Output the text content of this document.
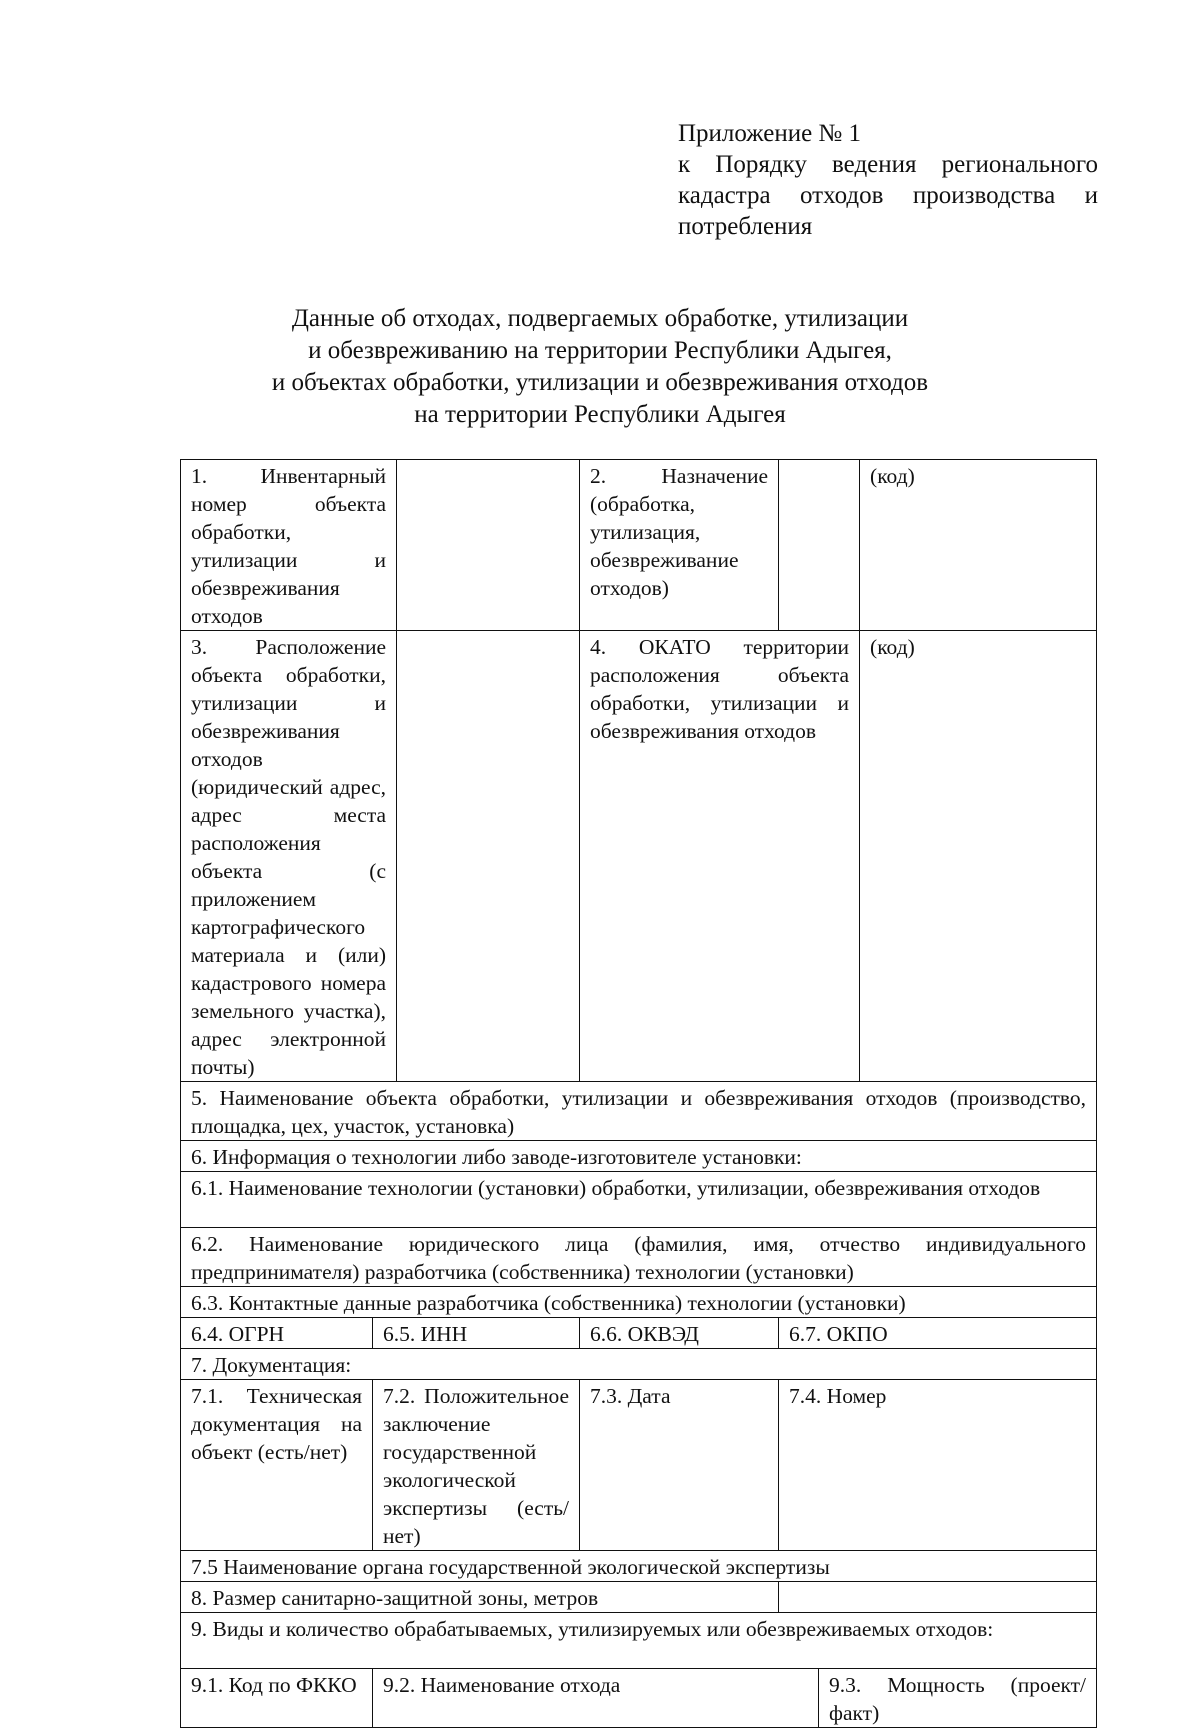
Приложение № 1
к Порядку ведения регионального
кадастра отходов производства и
потребления
Данные об отходах, подвергаемых обработке, утилизации
и обезвреживанию на территории Республики Адыгея,
и объектах обработки, утилизации и обезвреживания отходов
на территории Республики Адыгея
1. Инвентарный номер объекта обработки, утилизации и обезвреживания отходов			2. Назначение (обработка, утилизация, обезвреживание отходов)			(код)
3. Расположение объекта обработки, утилизации и обезвреживания отходов (юридический адрес, адрес места расположения объекта (с приложением картографического материала и (или) кадастрового номера земельного участка), адрес электронной почты)			4. ОКАТО территории расположения объекта обработки, утилизации и обезвреживания отходов			(код)
5. Наименование объекта обработки, утилизации и обезвреживания отходов (производство, площадка, цех, участок, установка)						
6. Информация о технологии либо заводе-изготовителе установки:						
6.1. Наименование технологии (установки) обработки, утилизации, обезвреживания отходов						
6.2. Наименование юридического лица (фамилия, имя, отчество индивидуального предпринимателя) разработчика (собственника) технологии (установки)						
6.3. Контактные данные разработчика (собственника) технологии (установки)						
6.4. ОГРН	6.5. ИНН		6.6. ОКВЭД	6.7. ОКПО		
7. Документация:						
7.1. Техническая документация на объект (есть/нет)	7.2. Положительное заключение государственной экологической экспертизы (есть/нет)		7.3. Дата	7.4. Номер		
7.5 Наименование органа государственной экологической экспертизы						
8. Размер санитарно-защитной зоны, метров						
9. Виды и количество обрабатываемых, утилизируемых или обезвреживаемых отходов:						
9.1. Код по ФККО	9.2. Наименование отхода				9.3. Мощность (проект/факт)	
